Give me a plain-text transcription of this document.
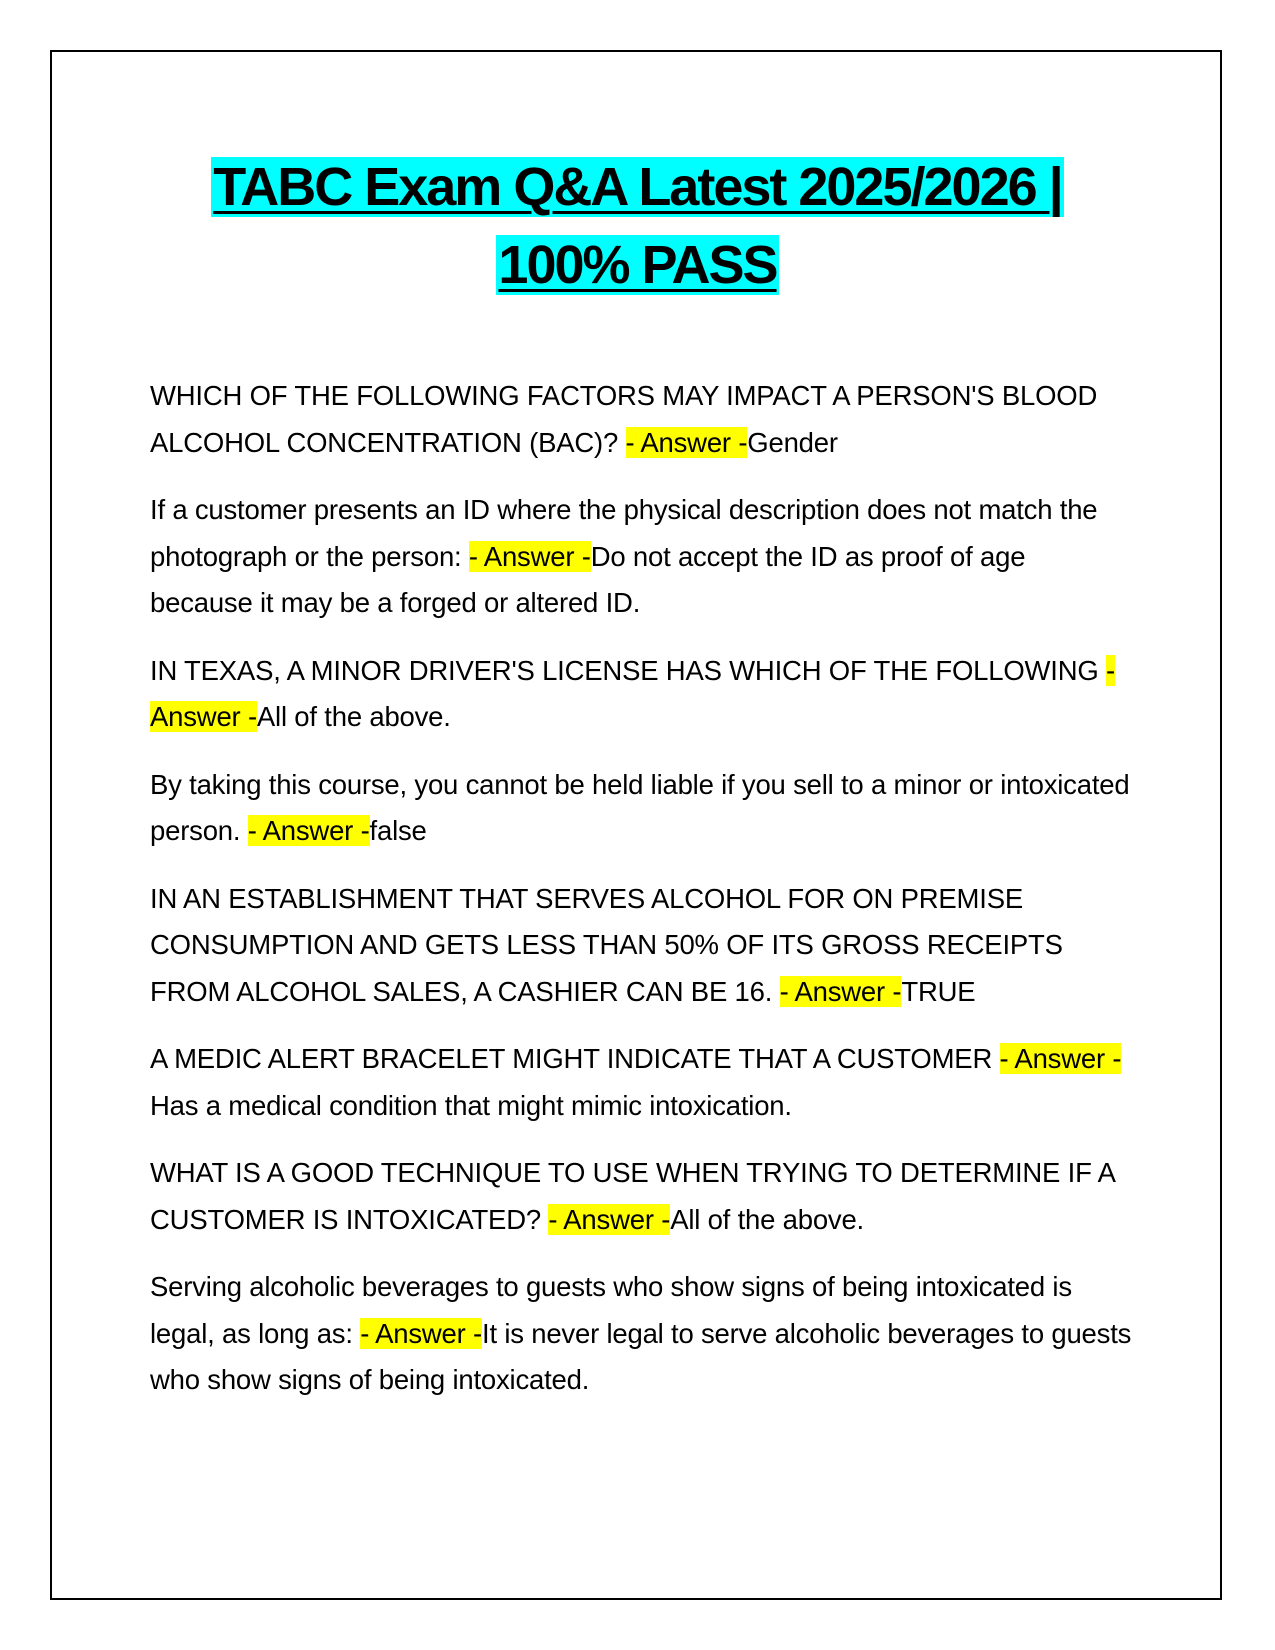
TABC Exam Q&A Latest 2025/2026 |
100% PASS

WHICH OF THE FOLLOWING FACTORS MAY IMPACT A PERSON'S BLOOD ALCOHOL CONCENTRATION (BAC)? - Answer -Gender

If a customer presents an ID where the physical description does not match the photograph or the person: - Answer -Do not accept the ID as proof of age because it may be a forged or altered ID.

IN TEXAS, A MINOR DRIVER'S LICENSE HAS WHICH OF THE FOLLOWING - Answer -All of the above.

By taking this course, you cannot be held liable if you sell to a minor or intoxicated person. - Answer -false

IN AN ESTABLISHMENT THAT SERVES ALCOHOL FOR ON PREMISE CONSUMPTION AND GETS LESS THAN 50% OF ITS GROSS RECEIPTS FROM ALCOHOL SALES, A CASHIER CAN BE 16. - Answer -TRUE

A MEDIC ALERT BRACELET MIGHT INDICATE THAT A CUSTOMER - Answer -Has a medical condition that might mimic intoxication.

WHAT IS A GOOD TECHNIQUE TO USE WHEN TRYING TO DETERMINE IF A CUSTOMER IS INTOXICATED? - Answer -All of the above.

Serving alcoholic beverages to guests who show signs of being intoxicated is legal, as long as: - Answer -It is never legal to serve alcoholic beverages to guests who show signs of being intoxicated.
